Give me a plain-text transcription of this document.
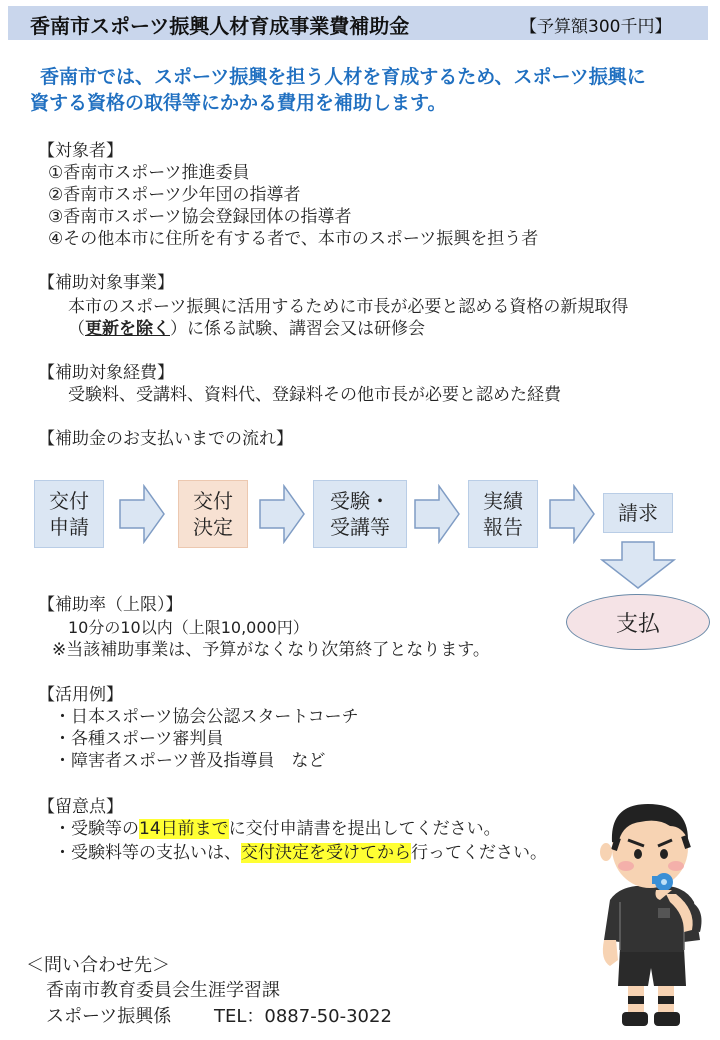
香南市スポーツ振興人材育成事業費補助金	【予算額300千円】
香南市では、スポーツ振興を担う人材を育成するため、スポーツ振興に
資する資格の取得等にかかる費用を補助します。
【対象者】
①香南市スポーツ推進委員
②香南市スポーツ少年団の指導者
③香南市スポーツ協会登録団体の指導者
④その他本市に住所を有する者で、本市のスポーツ振興を担う者
【補助対象事業】
本市のスポーツ振興に活用するために市長が必要と認める資格の新規取得
（更新を除く）に係る試験、講習会又は研修会
【補助対象経費】
受験料、受講料、資料代、登録料その他市長が必要と認めた経費
【補助金のお支払いまでの流れ】
交付
申請
交付
決定
受験・
受講等
実績
報告
請求
支払
【補助率（上限）】
10分の10以内（上限10,000円）
※当該補助事業は、予算がなくなり次第終了となります。
【活用例】
・日本スポーツ協会公認スタートコーチ
・各種スポーツ審判員
・障害者スポーツ普及指導員　など
【留意点】
・受験等の14日前までに交付申請書を提出してください。
・受験料等の支払いは、交付決定を受けてから行ってください。
＜問い合わせ先＞
香南市教育委員会生涯学習課
スポーツ振興係 TEL：0887-50-3022
